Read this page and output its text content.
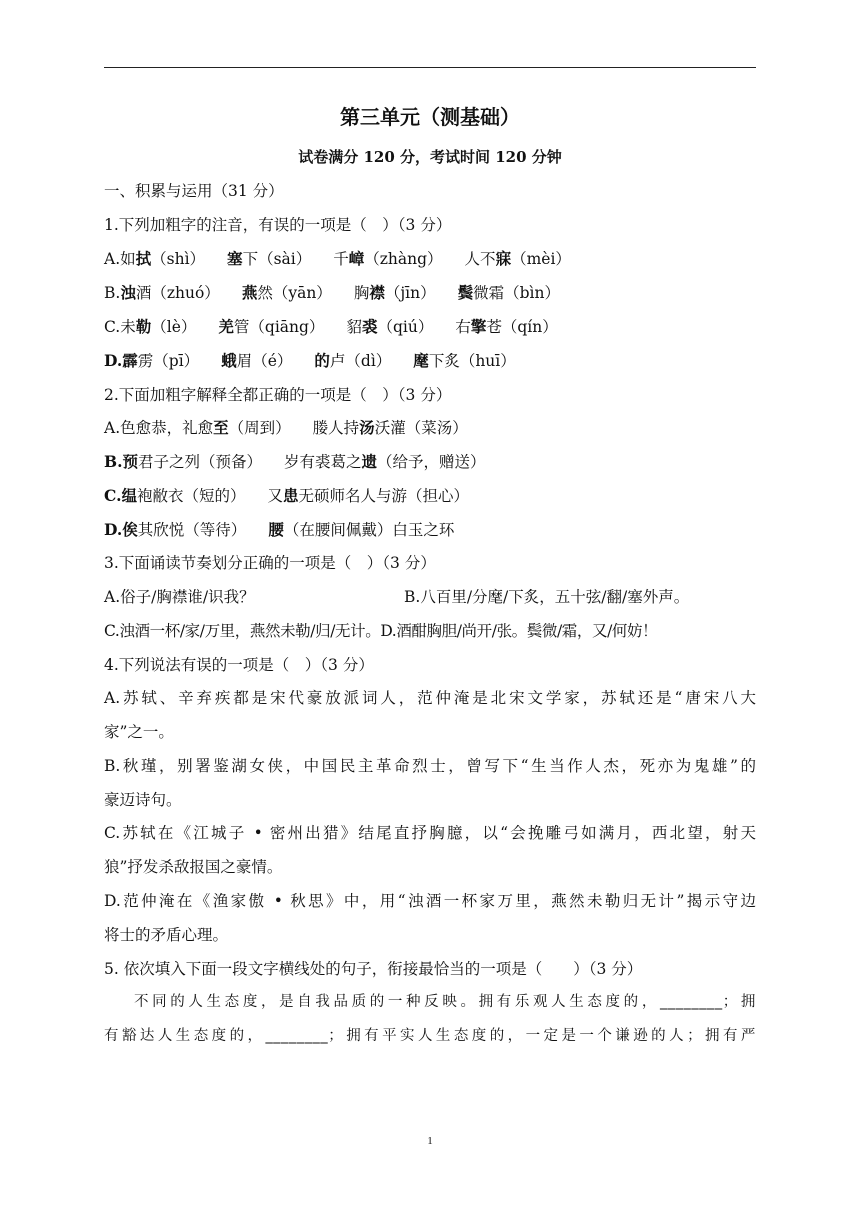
第三单元（测基础）
试卷满分 120 分，考试时间 120 分钟
一、积累与运用（31 分）
1.下列加粗字的注音，有误的一项是（　）（3 分）
A.如拭（shì） 塞下（sài） 千嶂（zhàng） 人不寐（mèi）
B.浊酒（zhuó） 燕然（yān） 胸襟（jīn） 鬓微霜（bìn）
C.未勒（lè） 羌管（qiāng） 貂裘（qiú） 右擎苍（qín）
D.霹雳（pī） 蛾眉（é） 的卢（dì） 麾下炙（huī）
2.下面加粗字解释全都正确的一项是（　）（3 分）
A.色愈恭，礼愈至（周到） 媵人持汤沃灌（菜汤）
B.预君子之列（预备） 岁有裘葛之遗（给予，赠送）
C.缊袍敝衣（短的） 又患无硕师名人与游（担心）
D.俟其欣悦（等待） 腰（在腰间佩戴）白玉之环
3.下面诵读节奏划分正确的一项是（　）（3 分）
A.俗子/胸襟谁/识我？	B.八百里/分麾/下炙，五十弦/翻/塞外声。
C.浊酒一杯/家/万里，燕然未勒/归/无计。D.酒酣胸胆/尚开/张。鬓微/霜，又/何妨！
4.下列说法有误的一项是（　）（3 分）
A.苏轼、辛弃疾都是宋代豪放派词人，范仲淹是北宋文学家，苏轼还是“唐宋八大
家”之一。
B.秋瑾，别署鉴湖女侠，中国民主革命烈士，曾写下“生当作人杰，死亦为鬼雄”的
豪迈诗句。
C.苏轼在《江城子 • 密州出猎》结尾直抒胸臆，以“会挽雕弓如满月，西北望，射天
狼”抒发杀敌报国之豪情。
D.范仲淹在《渔家傲 • 秋思》中，用“浊酒一杯家万里，燕然未勒归无计”揭示守边
将士的矛盾心理。
5. 依次填入下面一段文字横线处的句子，衔接最恰当的一项是（　　）（3 分）
不同的人生态度，是自我品质的一种反映。拥有乐观人生态度的，________；拥
有豁达人生态度的，________；拥有平实人生态度的，一定是一个谦逊的人；拥有严
1
